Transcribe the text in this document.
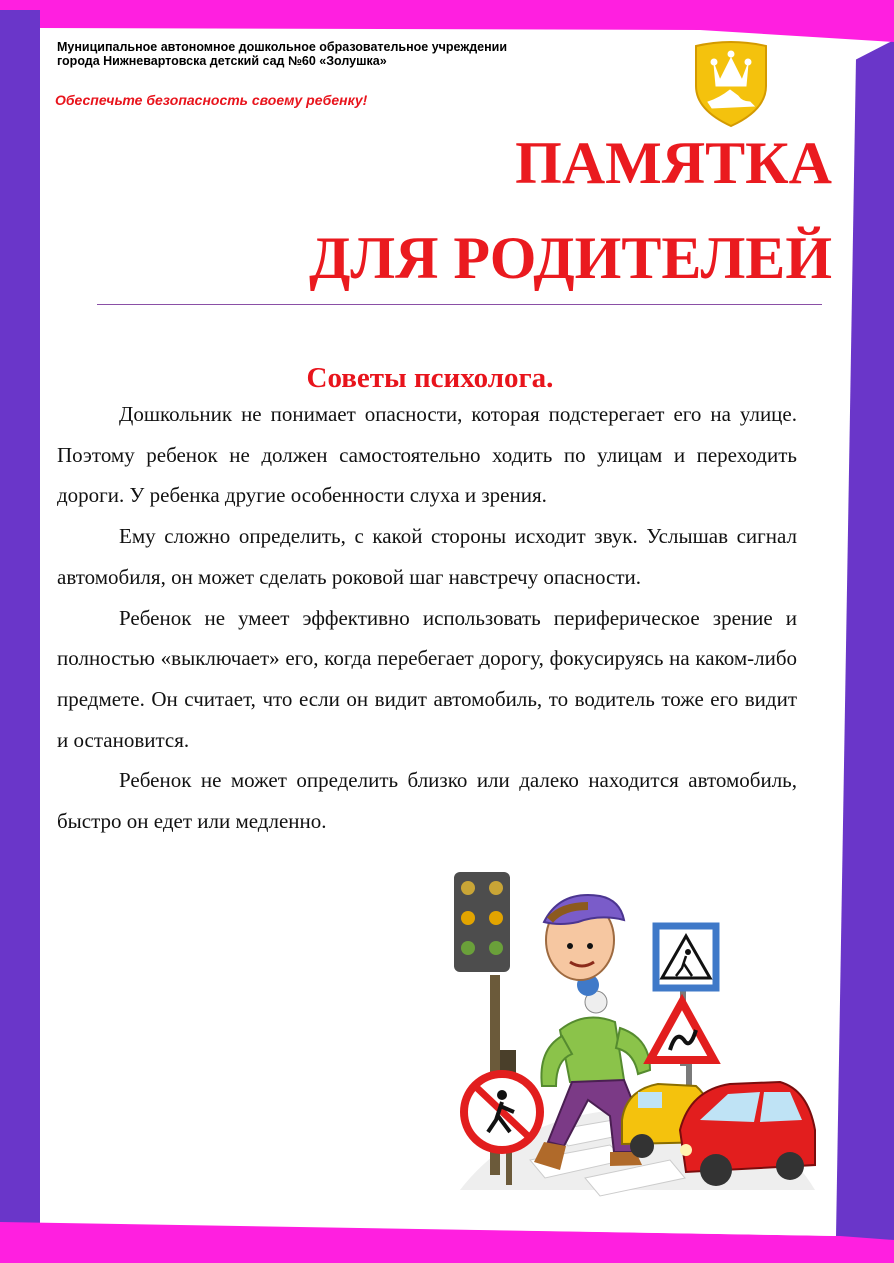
Муниципальное автономное дошкольное образовательное учреждении
города Нижневартовска детский сад №60 «Золушка»
Обеспечьте безопасность своему ребенку!
ПАМЯТКА
ДЛЯ РОДИТЕЛЕЙ
Советы психолога.

Дошкольник не понимает опасности, которая подстерегает его на улице. Поэтому ребенок не должен самостоятельно ходить по улицам и переходить дороги. У ребенка другие особенности слуха и зрения.

Ему сложно определить, с какой стороны исходит звук. Услышав сигнал автомобиля, он может сделать роковой шаг навстречу опасности.

Ребенок не умеет эффективно использовать периферическое зрение и полностью «выключает» его, когда перебегает дорогу, фокусируясь на каком-либо предмете. Он считает, что если он видит автомобиль, то водитель тоже его видит и остановится.

Ребенок не может определить близко или далеко находится автомобиль, быстро он едет или медленно.
